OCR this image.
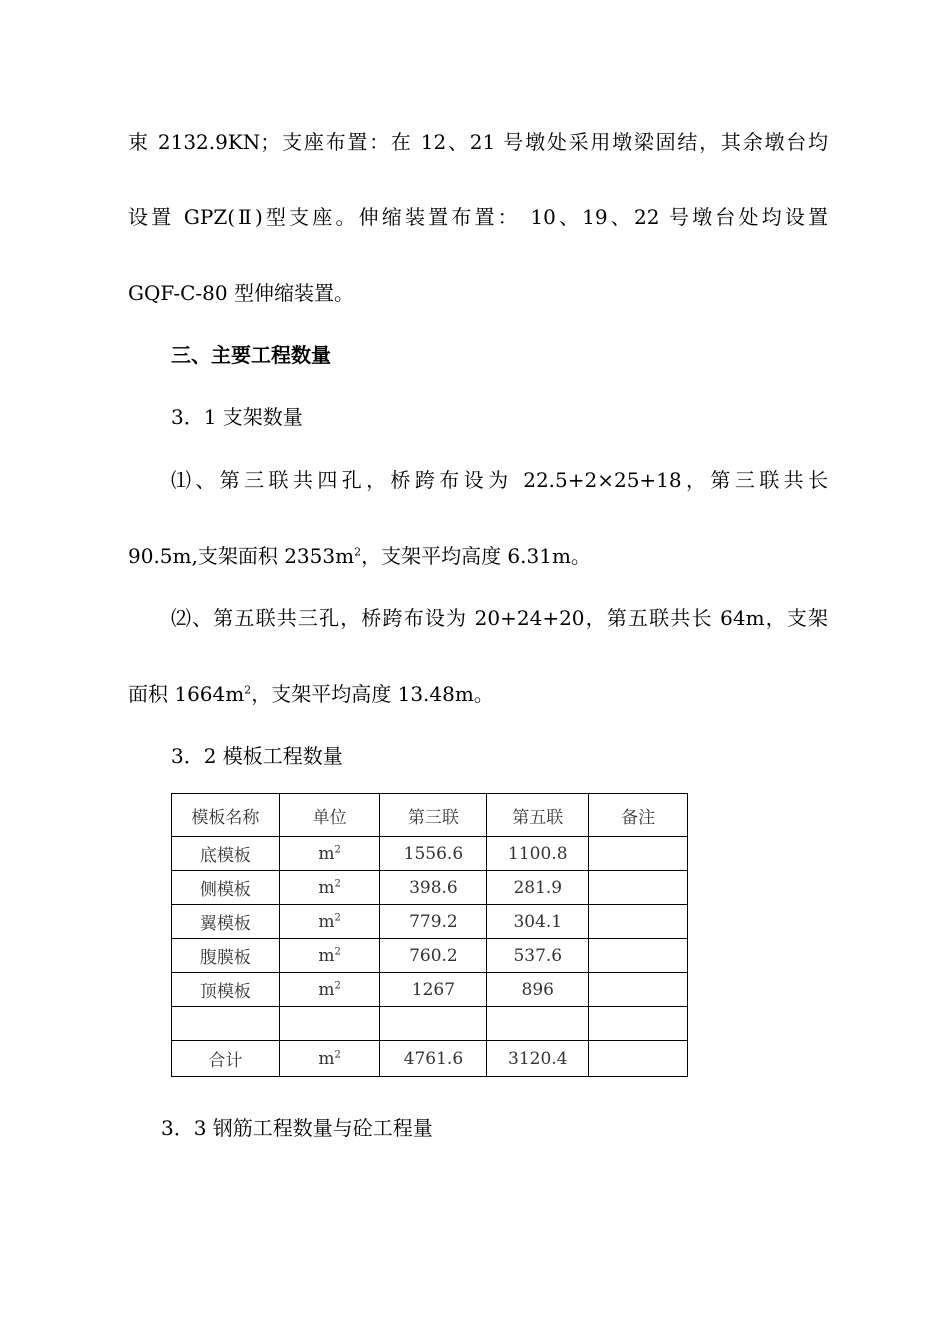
束 2132.9KN；支座布置：在 12、21 号墩处采用墩梁固结，其余墩台均
设置 GPZ(Ⅱ)型支座。伸缩装置布置： 10、19、22 号墩台处均设置
GQF-C-80 型伸缩装置。
三、主要工程数量
3．1 支架数量
⑴、第三联共四孔，桥跨布设为 22.5+2×25+18，第三联共长
90.5m,支架面积 $2353m^2$，支架平均高度 6.31m。
⑵、第五联共三孔，桥跨布设为 20+24+20，第五联共长 64m，支架
面积 $1664m^2$，支架平均高度 13.48m。
3．2 模板工程数量
模板名称	单位	第三联	第五联	备注
底模板	$m^2$	1556.6	1100.8	
侧模板	$m^2$	398.6	281.9	
翼模板	$m^2$	779.2	304.1	
腹膜板	$m^2$	760.2	537.6	
顶模板	$m^2$	1267	896	

合计	$m^2$	4761.6	3120.4	
3．3 钢筋工程数量与砼工程量
